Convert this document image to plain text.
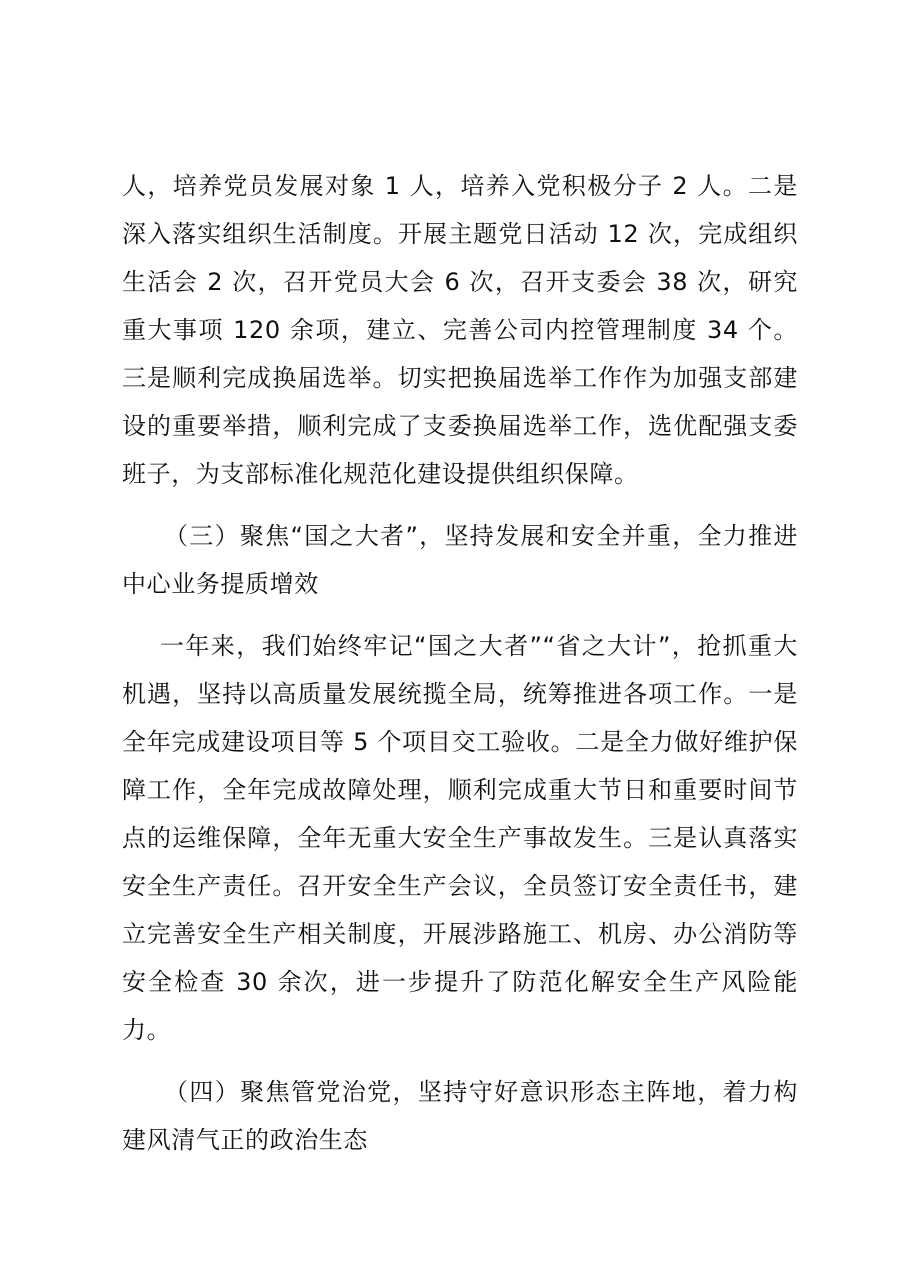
人，培养党员发展对象 1 人，培养入党积极分子 2 人。二是深入落实组织生活制度。开展主题党日活动 12 次，完成组织生活会 2 次，召开党员大会 6 次，召开支委会 38 次，研究重大事项 120 余项，建立、完善公司内控管理制度 34 个。三是顺利完成换届选举。切实把换届选举工作作为加强支部建设的重要举措，顺利完成了支委换届选举工作，选优配强支委班子，为支部标准化规范化建设提供组织保障。

（三）聚焦“国之大者”，坚持发展和安全并重，全力推进中心业务提质增效

一年来，我们始终牢记“国之大者”“省之大计”，抢抓重大机遇，坚持以高质量发展统揽全局，统筹推进各项工作。一是全年完成建设项目等 5 个项目交工验收。二是全力做好维护保障工作，全年完成故障处理，顺利完成重大节日和重要时间节点的运维保障，全年无重大安全生产事故发生。三是认真落实安全生产责任。召开安全生产会议，全员签订安全责任书，建立完善安全生产相关制度，开展涉路施工、机房、办公消防等安全检查 30 余次，进一步提升了防范化解安全生产风险能力。

（四）聚焦管党治党，坚持守好意识形态主阵地，着力构建风清气正的政治生态
